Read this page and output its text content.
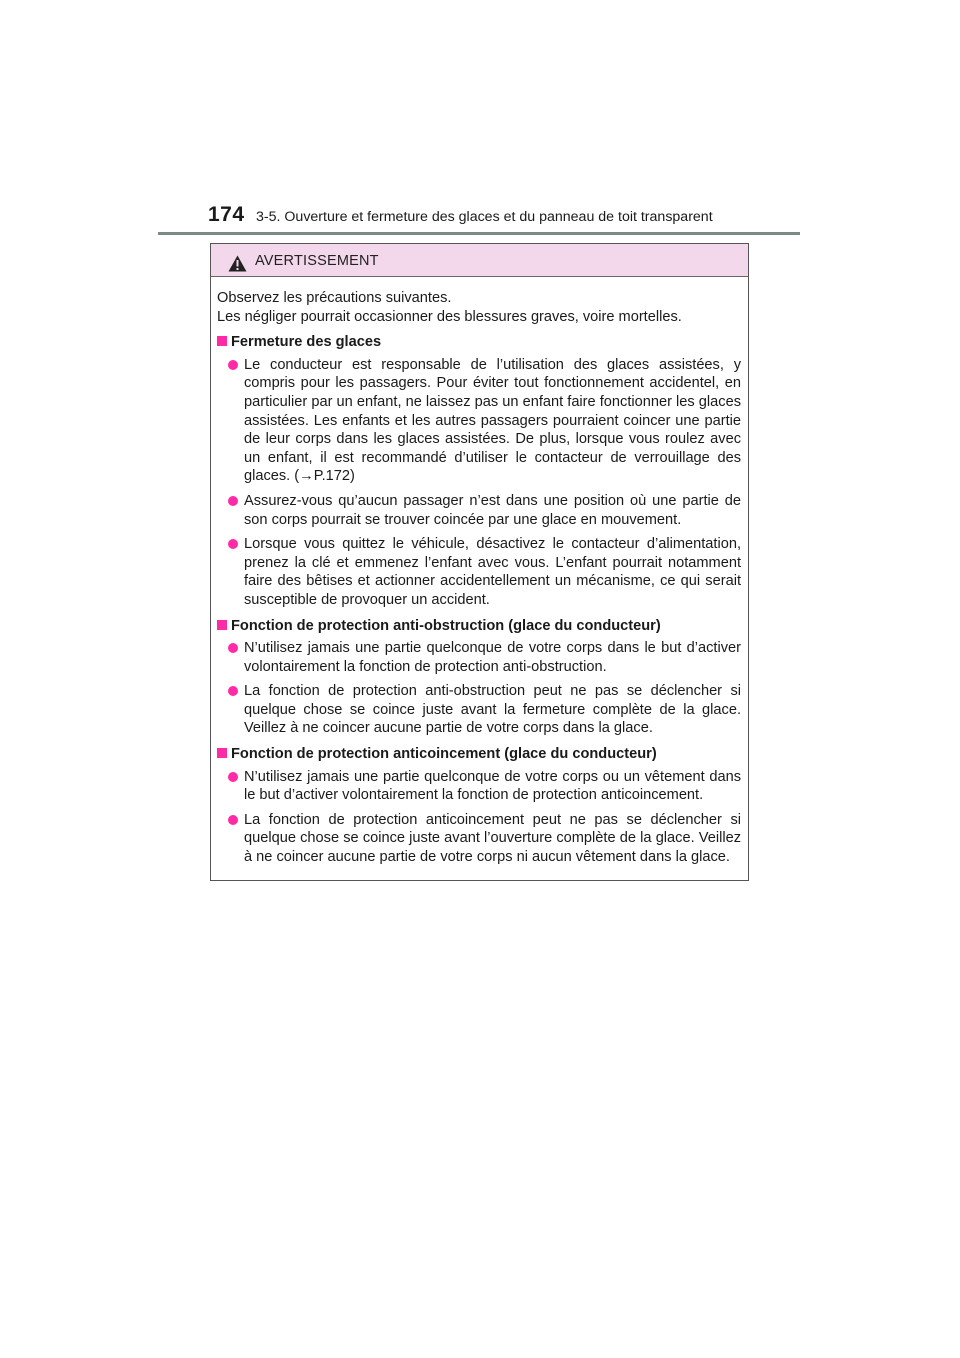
174 3-5. Ouverture et fermeture des glaces et du panneau de toit transparent
AVERTISSEMENT

Observez les précautions suivantes.

Les négliger pourrait occasionner des blessures graves, voire mortelles.

Fermeture des glaces

Le conducteur est responsable de l’utilisation des glaces assistées, y compris pour les passagers. Pour éviter tout fonctionnement accidentel, en particulier par un enfant, ne laissez pas un enfant faire fonctionner les glaces assistées. Les enfants et les autres passagers pourraient coincer une partie de leur corps dans les glaces assistées. De plus, lorsque vous roulez avec un enfant, il est recommandé d’utiliser le contacteur de verrouillage des glaces. (→P.172)

Assurez-vous qu’aucun passager n’est dans une position où une partie de son corps pourrait se trouver coincée par une glace en mouvement.

Lorsque vous quittez le véhicule, désactivez le contacteur d’alimentation, prenez la clé et emmenez l’enfant avec vous. L’enfant pourrait notamment faire des bêtises et actionner accidentellement un mécanisme, ce qui serait susceptible de provoquer un accident.

Fonction de protection anti-obstruction (glace du conducteur)

N’utilisez jamais une partie quelconque de votre corps dans le but d’activer volontairement la fonction de protection anti-obstruction.

La fonction de protection anti-obstruction peut ne pas se déclencher si quelque chose se coince juste avant la fermeture complète de la glace. Veillez à ne coincer aucune partie de votre corps dans la glace.

Fonction de protection anticoincement (glace du conducteur)

N’utilisez jamais une partie quelconque de votre corps ou un vêtement dans le but d’activer volontairement la fonction de protection anticoincement.

La fonction de protection anticoincement peut ne pas se déclencher si quelque chose se coince juste avant l’ouverture complète de la glace. Veillez à ne coincer aucune partie de votre corps ni aucun vêtement dans la glace.
